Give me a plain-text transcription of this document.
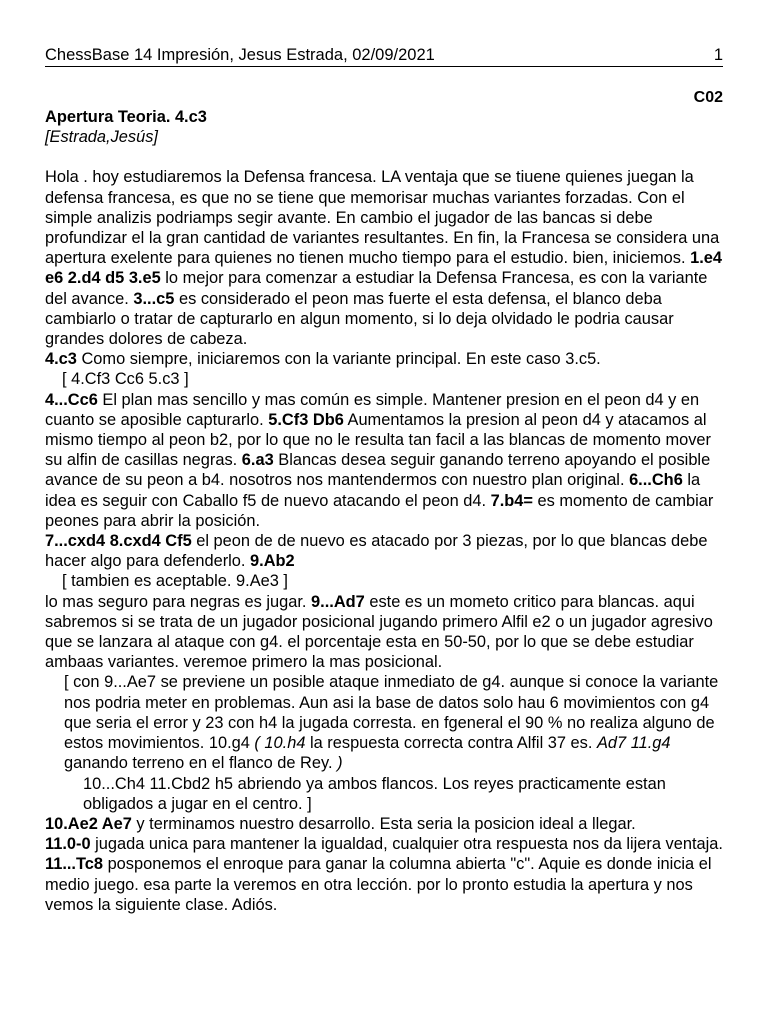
ChessBase 14 Impresión, Jesus Estrada, 02/09/2021	1
C02

Apertura Teoria. 4.c3

[Estrada,Jesús]

Hola . hoy estudiaremos la Defensa francesa. LA ventaja que se tiuene quienes juegan la defensa francesa, es que no se tiene que memorisar muchas variantes forzadas. Con el simple analizis podriamps segir avante. En cambio el jugador de las bancas si debe profundizar el la gran cantidad de variantes resultantes. En fin, la Francesa se considera una apertura exelente para quienes no tienen mucho tiempo para el estudio. bien, iniciemos. 1.e4 e6 2.d4 d5 3.e5 lo mejor para comenzar a estudiar la Defensa Francesa, es con la variante del avance. 3...c5 es considerado el peon mas fuerte el esta defensa, el blanco deba cambiarlo o tratar de capturarlo en algun momento, si lo deja olvidado le podria causar grandes dolores de cabeza.

4.c3 Como siempre, iniciaremos con la variante principal. En este caso 3.c5.

[ 4.Cf3 Cc6 5.c3 ]

4...Cc6 El plan mas sencillo y mas común es simple. Mantener presion en el peon d4 y en cuanto se aposible capturarlo. 5.Cf3 Db6 Aumentamos la presion al peon d4 y atacamos al mismo tiempo al peon b2, por lo que no le resulta tan facil a las blancas de momento mover su alfin de casillas negras. 6.a3 Blancas desea seguir ganando terreno apoyando el posible avance de su peon a b4. nosotros nos mantendermos con nuestro plan original. 6...Ch6 la idea es seguir con Caballo f5 de nuevo atacando el peon d4. 7.b4= es momento de cambiar peones para abrir la posición.

7...cxd4 8.cxd4 Cf5 el peon de de nuevo es atacado por 3 piezas, por lo que blancas debe hacer algo para defenderlo. 9.Ab2

[ tambien es aceptable. 9.Ae3 ]

lo mas seguro para negras es jugar. 9...Ad7 este es un mometo critico para blancas. aqui sabremos si se trata de un jugador posicional jugando primero Alfil e2 o un jugador agresivo que se lanzara al ataque con g4. el porcentaje esta en 50-50, por lo que se debe estudiar ambaas variantes. veremoe primero la mas posicional.

[ con 9...Ae7 se previene un posible ataque inmediato de g4. aunque si conoce la variante nos podria meter en problemas. Aun asi la base de datos solo hau 6 movimientos con g4 que seria el error y 23 con h4 la jugada corresta. en fgeneral el 90 % no realiza alguno de estos movimientos. 10.g4 ( 10.h4 la respuesta correcta contra Alfil 37 es. Ad7 11.g4 ganando terreno en el flanco de Rey. )

10...Ch4 11.Cbd2 h5 abriendo ya ambos flancos. Los reyes practicamente estan obligados a jugar en el centro. ]

10.Ae2 Ae7 y terminamos nuestro desarrollo. Esta seria la posicion ideal a llegar.

11.0-0 jugada unica para mantener la igualdad, cualquier otra respuesta nos da lijera ventaja. 11...Tc8 posponemos el enroque para ganar la columna abierta "c". Aquie es donde inicia el medio juego. esa parte la veremos en otra lección. por lo pronto estudia la apertura y nos vemos la siguiente clase. Adiós.
